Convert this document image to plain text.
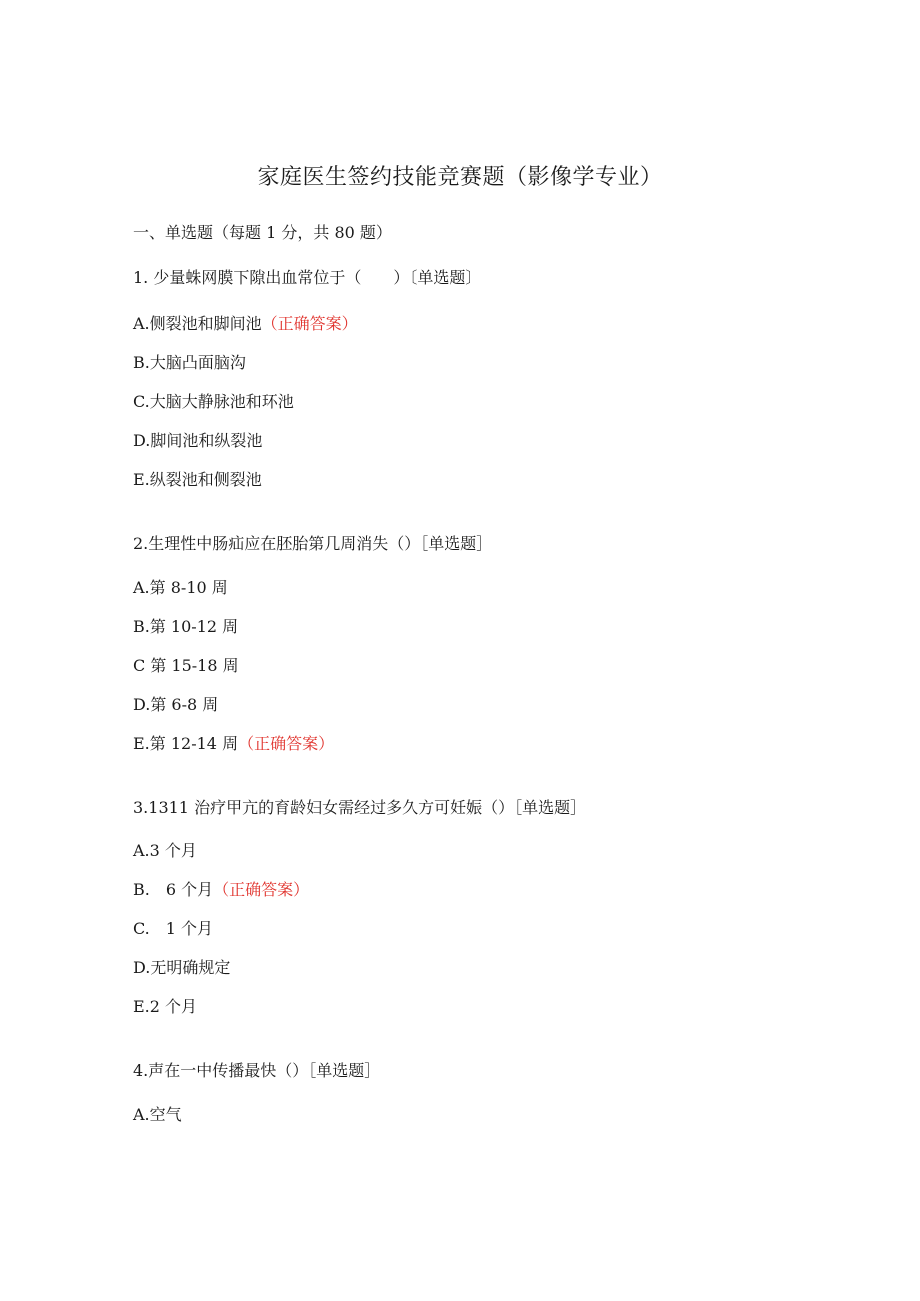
家庭医生签约技能竞赛题（影像学专业）
一、单选题（每题 1 分，共 80 题）
1. 少量蛛网膜下隙出血常位于（　　）〔单选题〕
A.侧裂池和脚间池（正确答案）
B.大脑凸面脑沟
C.大脑大静脉池和环池
D.脚间池和纵裂池
E.纵裂池和侧裂池
2.生理性中肠疝应在胚胎第几周消失（）［单选题］
A.第 8-10 周
B.第 10-12 周
C 第 15-18 周
D.第 6-8 周
E.第 12-14 周（正确答案）
3.1311 治疗甲亢的育龄妇女需经过多久方可妊娠（）［单选题］
A.3 个月
B.　6 个月（正确答案）
C.　1 个月
D.无明确规定
E.2 个月
4.声在一中传播最快（）［单选题］
A.空气
